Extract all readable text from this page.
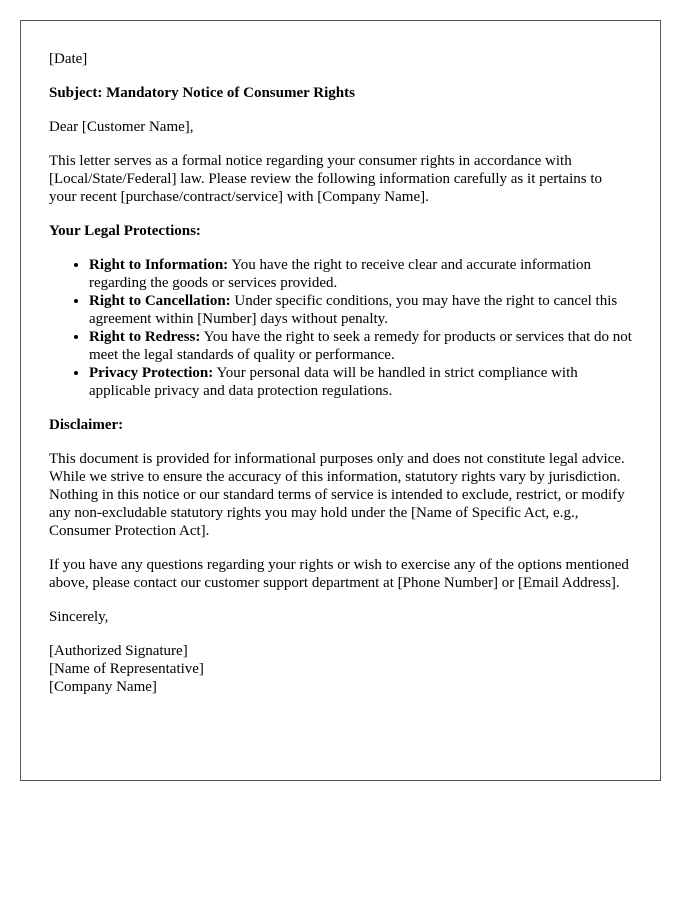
[Date]

Subject: Mandatory Notice of Consumer Rights

Dear [Customer Name],

This letter serves as a formal notice regarding your consumer rights in accordance with [Local/State/Federal] law. Please review the following information carefully as it pertains to your recent [purchase/contract/service] with [Company Name].

Your Legal Protections:

• Right to Information: You have the right to receive clear and accurate information regarding the goods or services provided.
• Right to Cancellation: Under specific conditions, you may have the right to cancel this agreement within [Number] days without penalty.
• Right to Redress: You have the right to seek a remedy for products or services that do not meet the legal standards of quality or performance.
• Privacy Protection: Your personal data will be handled in strict compliance with applicable privacy and data protection regulations.

Disclaimer:

This document is provided for informational purposes only and does not constitute legal advice. While we strive to ensure the accuracy of this information, statutory rights vary by jurisdiction. Nothing in this notice or our standard terms of service is intended to exclude, restrict, or modify any non-excludable statutory rights you may hold under the [Name of Specific Act, e.g., Consumer Protection Act].

If you have any questions regarding your rights or wish to exercise any of the options mentioned above, please contact our customer support department at [Phone Number] or [Email Address].

Sincerely,

[Authorized Signature]

[Name of Representative]

[Company Name]
